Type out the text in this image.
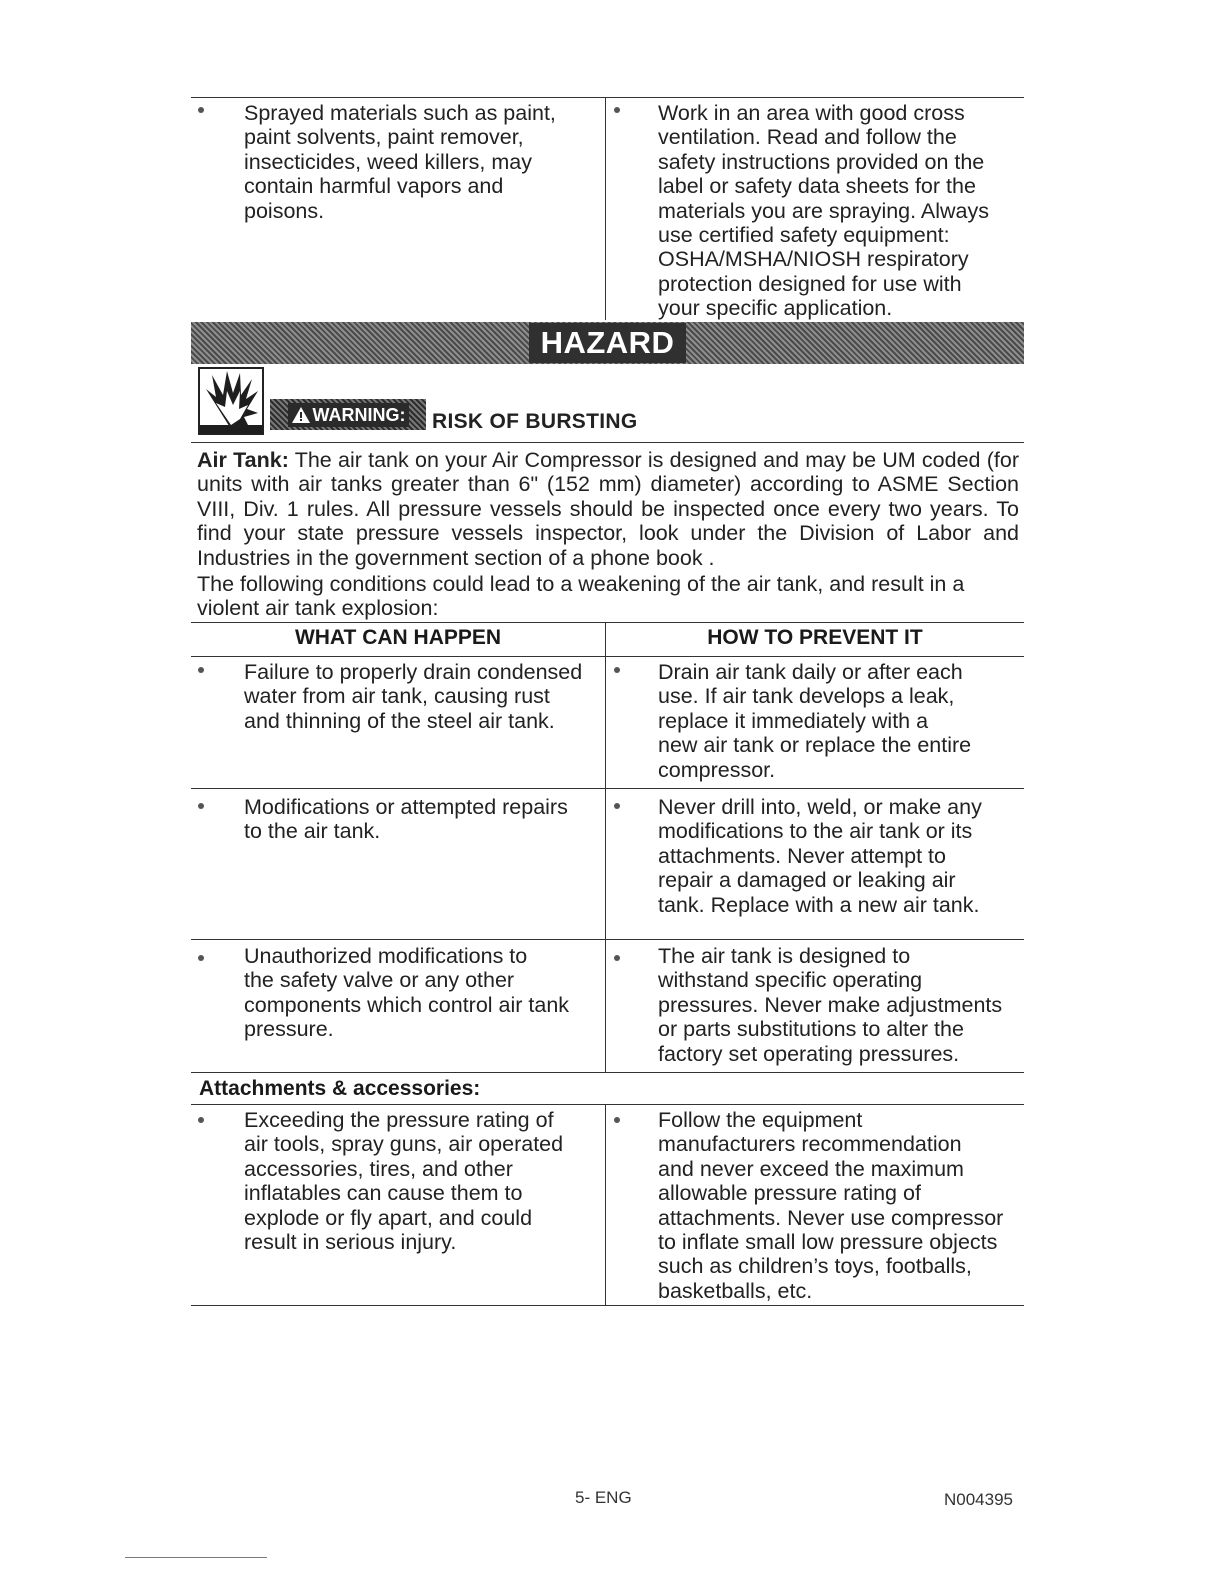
Sprayed materials such as paint,
paint solvents, paint remover,
insecticides, weed killers, may
contain harmful vapors and
poisons.
Work in an area with good cross
ventilation. Read and follow the
safety instructions provided on the
label or safety data sheets for the
materials you are spraying. Always
use certified safety equipment:
OSHA/MSHA/NIOSH respiratory
protection designed for use with
your specific application.
HAZARD
WARNING: RISK OF BURSTING
Air Tank: The air tank on your Air Compressor is designed and may be UM coded (for units with air tanks greater than 6" (152 mm) diameter) according to ASME Section VIII, Div. 1 rules. All pressure vessels should be inspected once every two years. To find your state pressure vessels inspector, look under the Division of Labor and Industries in the government section of a phone book .
The following conditions could lead to a weakening of the air tank, and result in a violent air tank explosion:
WHAT CAN HAPPEN	HOW TO PREVENT IT
Failure to properly drain condensed
water from air tank, causing rust
and thinning of the steel air tank.
Drain air tank daily or after each
use. If air tank develops a leak,
replace it immediately with a
new air tank or replace the entire
compressor.
Modifications or attempted repairs
to the air tank.
Never drill into, weld, or make any
modifications to the air tank or its
attachments. Never attempt to
repair a damaged or leaking air
tank. Replace with a new air tank.
Unauthorized modifications to
the safety valve or any other
components which control air tank
pressure.
The air tank is designed to
withstand specific operating
pressures. Never make adjustments
or parts substitutions to alter the
factory set operating pressures.
Attachments & accessories:
Exceeding the pressure rating of
air tools, spray guns, air operated
accessories, tires, and other
inflatables can cause them to
explode or fly apart, and could
result in serious injury.
Follow the equipment
manufacturers recommendation
and never exceed the maximum
allowable pressure rating of
attachments. Never use compressor
to inflate small low pressure objects
such as children’s toys, footballs,
basketballs, etc.
5- ENG	N004395
